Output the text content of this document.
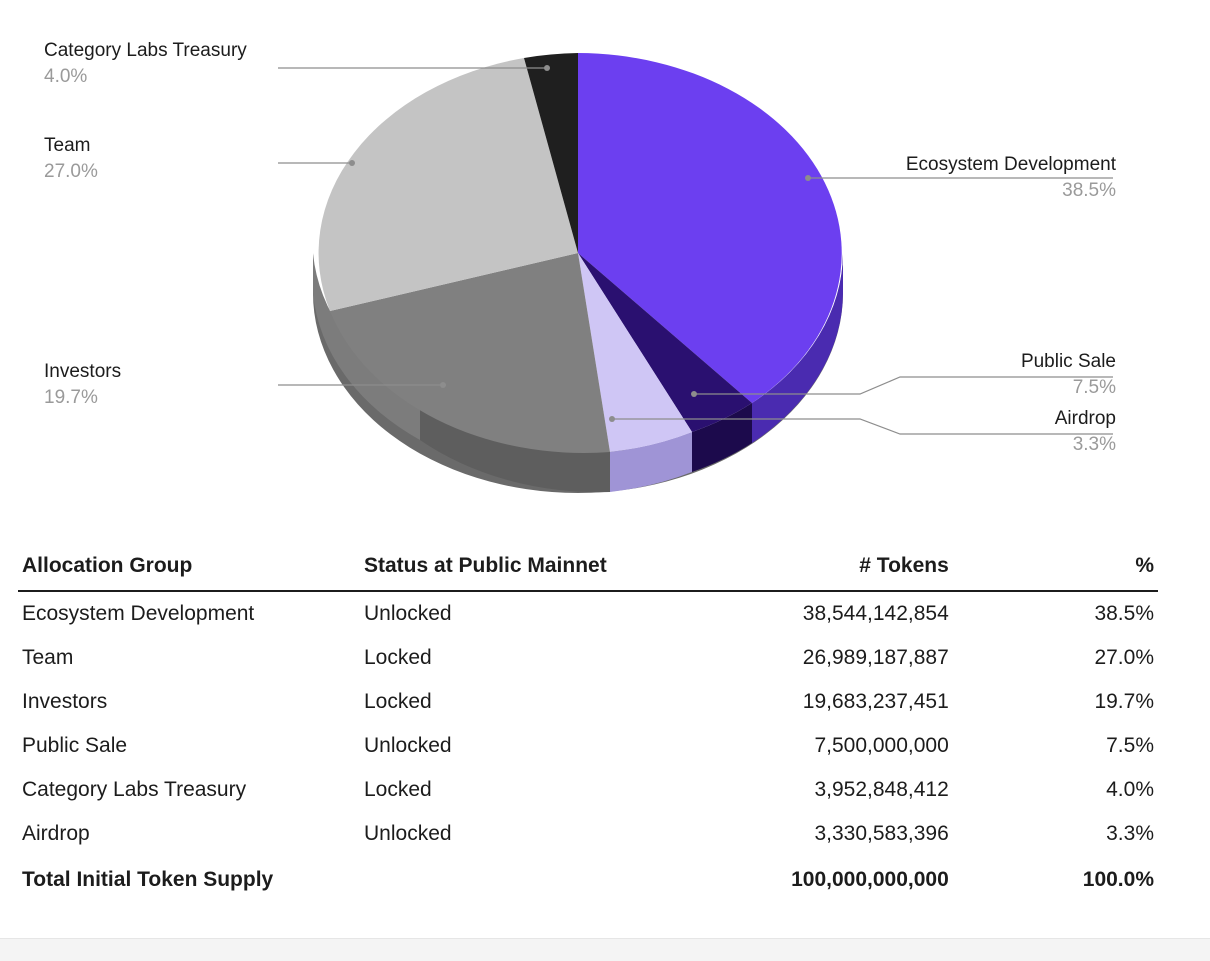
Category Labs Treasury
4.0%
Team
27.0%
Investors
19.7%
Ecosystem Development
38.5%
Public Sale
7.5%
Airdrop
3.3%
Allocation Group	Status at Public Mainnet	# Tokens	%
Ecosystem Development	Unlocked	38,544,142,854	38.5%
Team	Locked	26,989,187,887	27.0%
Investors	Locked	19,683,237,451	19.7%
Public Sale	Unlocked	7,500,000,000	7.5%
Category Labs Treasury	Locked	3,952,848,412	4.0%
Airdrop	Unlocked	3,330,583,396	3.3%
Total Initial Token Supply		100,000,000,000	100.0%
